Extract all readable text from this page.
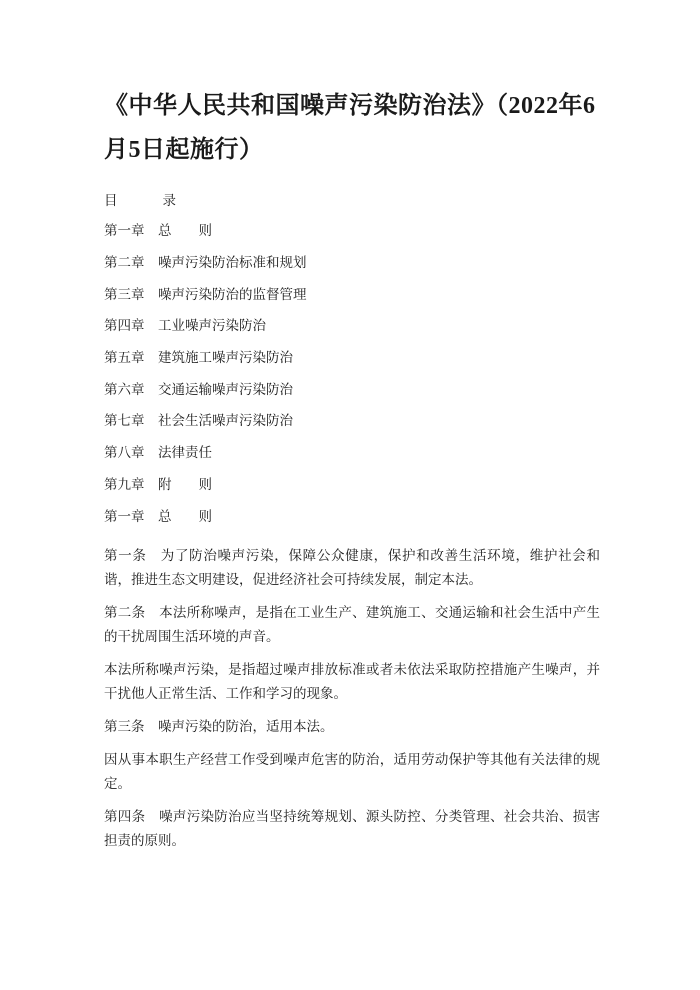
《中华人民共和国噪声污染防治法》（2022年6月5日起施行）

目　　录

第一章　总　　则

第二章　噪声污染防治标准和规划

第三章　噪声污染防治的监督管理

第四章　工业噪声污染防治

第五章　建筑施工噪声污染防治

第六章　交通运输噪声污染防治

第七章　社会生活噪声污染防治

第八章　法律责任

第九章　附　　则

第一章　总　　则

第一条　为了防治噪声污染，保障公众健康，保护和改善生活环境，维护社会和谐，推进生态文明建设，促进经济社会可持续发展，制定本法。

第二条　本法所称噪声，是指在工业生产、建筑施工、交通运输和社会生活中产生的干扰周围生活环境的声音。

本法所称噪声污染，是指超过噪声排放标准或者未依法采取防控措施产生噪声，并干扰他人正常生活、工作和学习的现象。

第三条　噪声污染的防治，适用本法。

因从事本职生产经营工作受到噪声危害的防治，适用劳动保护等其他有关法律的规定。

第四条　噪声污染防治应当坚持统筹规划、源头防控、分类管理、社会共治、损害担责的原则。
